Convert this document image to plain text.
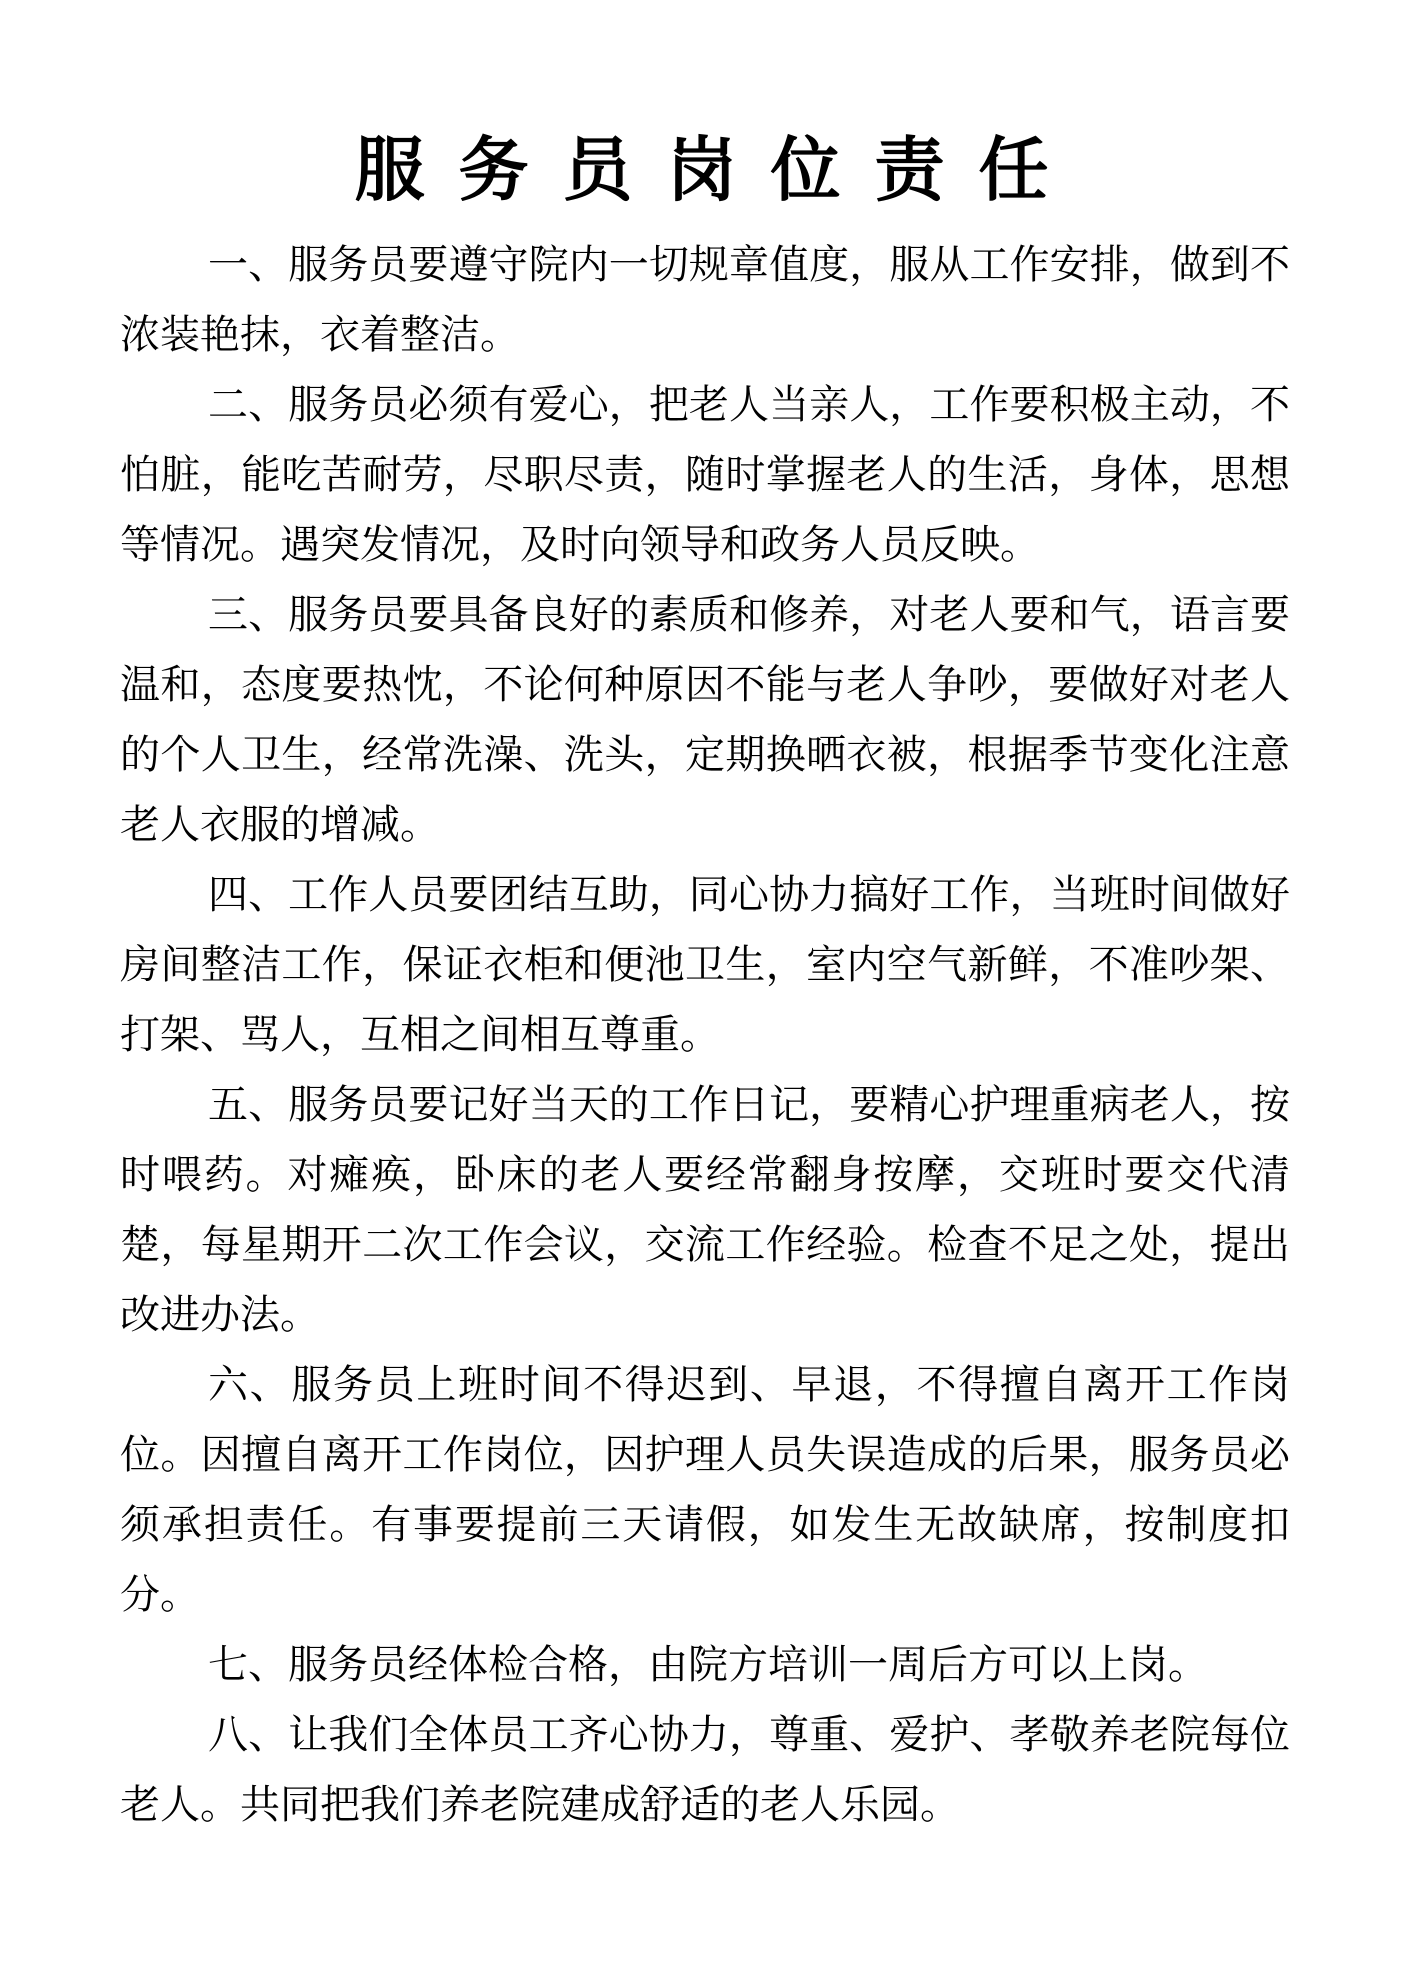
服务员岗位责任

一、服务员要遵守院内一切规章值度，服从工作安排，做到不浓装艳抹，衣着整洁。

二、服务员必须有爱心，把老人当亲人，工作要积极主动，不怕脏，能吃苦耐劳，尽职尽责，随时掌握老人的生活，身体，思想等情况。遇突发情况，及时向领导和政务人员反映。

三、服务员要具备良好的素质和修养，对老人要和气，语言要温和，态度要热忱，不论何种原因不能与老人争吵，要做好对老人的个人卫生，经常洗澡、洗头，定期换晒衣被，根据季节变化注意老人衣服的增减。

四、工作人员要团结互助，同心协力搞好工作，当班时间做好房间整洁工作，保证衣柜和便池卫生，室内空气新鲜，不准吵架、打架、骂人，互相之间相互尊重。

五、服务员要记好当天的工作日记，要精心护理重病老人，按时喂药。对瘫痪，卧床的老人要经常翻身按摩，交班时要交代清楚，每星期开二次工作会议，交流工作经验。检查不足之处，提出改进办法。

六、服务员上班时间不得迟到、早退，不得擅自离开工作岗位。因擅自离开工作岗位，因护理人员失误造成的后果，服务员必须承担责任。有事要提前三天请假，如发生无故缺席，按制度扣分。

七、服务员经体检合格，由院方培训一周后方可以上岗。

八、让我们全体员工齐心协力，尊重、爱护、孝敬养老院每位老人。共同把我们养老院建成舒适的老人乐园。
